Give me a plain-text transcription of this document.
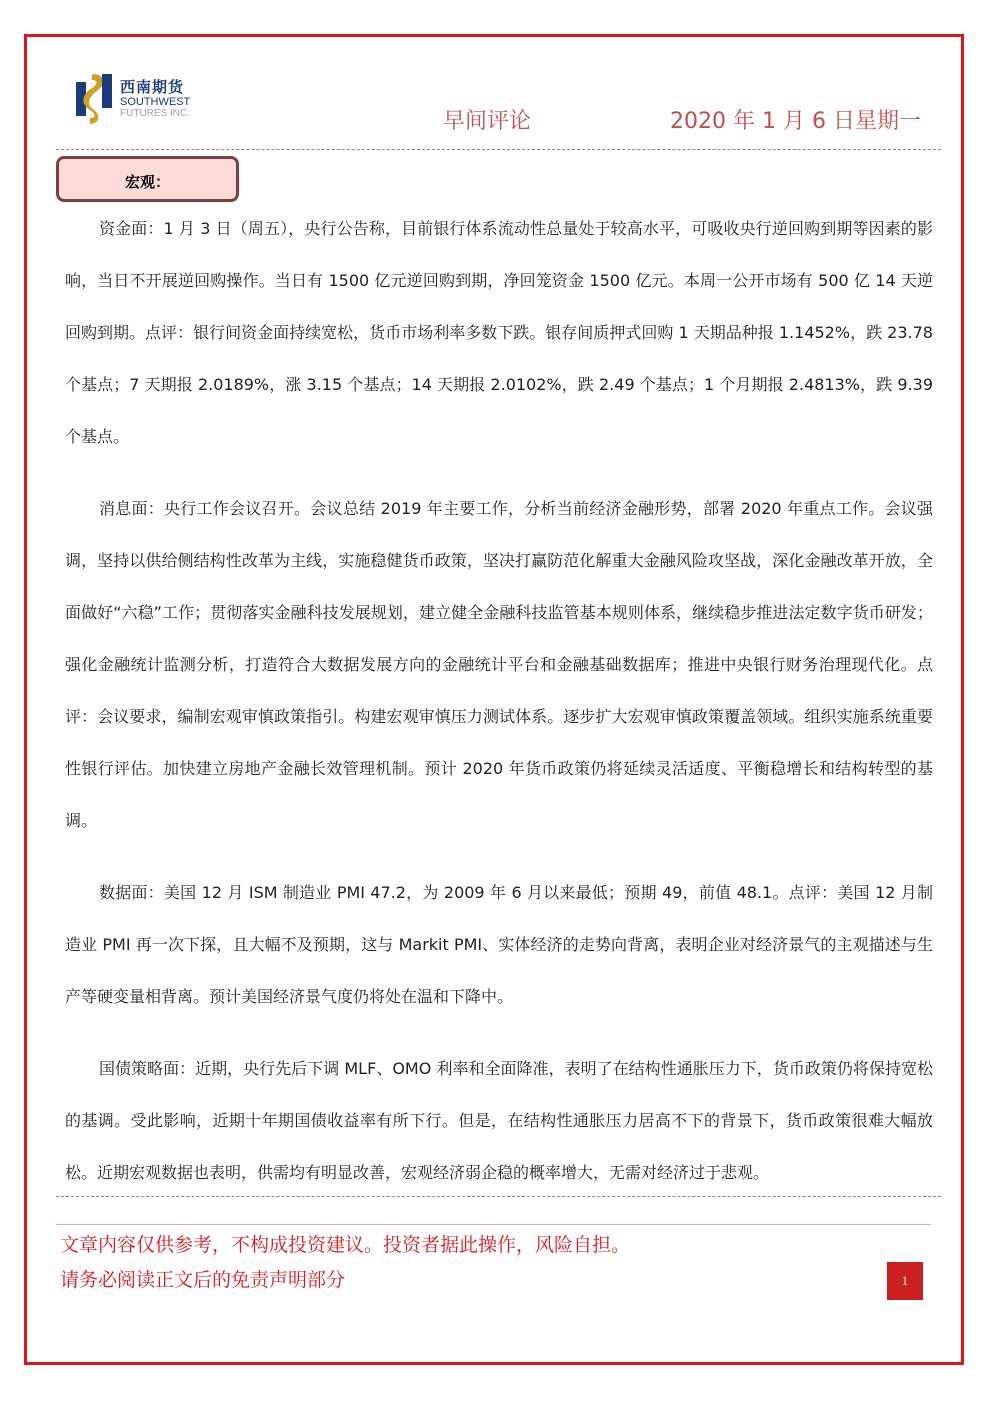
西南期货
SOUTHWEST
FUTURES INC.	早间评论	2020 年 1 月 6 日星期一
宏观：

资金面：1 月 3 日（周五），央行公告称，目前银行体系流动性总量处于较高水平，可吸收央行逆回购到期等因素的影响，当日不开展逆回购操作。当日有 1500 亿元逆回购到期，净回笼资金 1500 亿元。本周一公开市场有 500 亿 14 天逆回购到期。点评：银行间资金面持续宽松，货币市场利率多数下跌。银存间质押式回购 1 天期品种报 1.1452%，跌 23.78 个基点；7 天期报 2.0189%，涨 3.15 个基点；14 天期报 2.0102%，跌 2.49 个基点；1 个月期报 2.4813%，跌 9.39 个基点。

消息面：央行工作会议召开。会议总结 2019 年主要工作，分析当前经济金融形势，部署 2020 年重点工作。会议强调，坚持以供给侧结构性改革为主线，实施稳健货币政策，坚决打赢防范化解重大金融风险攻坚战，深化金融改革开放，全面做好“六稳”工作；贯彻落实金融科技发展规划，建立健全金融科技监管基本规则体系，继续稳步推进法定数字货币研发；强化金融统计监测分析，打造符合大数据发展方向的金融统计平台和金融基础数据库；推进中央银行财务治理现代化。点评：会议要求，编制宏观审慎政策指引。构建宏观审慎压力测试体系。逐步扩大宏观审慎政策覆盖领域。组织实施系统重要性银行评估。加快建立房地产金融长效管理机制。预计 2020 年货币政策仍将延续灵活适度、平衡稳增长和结构转型的基调。

数据面：美国 12 月 ISM 制造业 PMI 47.2，为 2009 年 6 月以来最低；预期 49，前值 48.1。点评：美国 12 月制造业 PMI 再一次下探，且大幅不及预期，这与 Markit PMI、实体经济的走势向背离，表明企业对经济景气的主观描述与生产等硬变量相背离。预计美国经济景气度仍将处在温和下降中。

国债策略面：近期，央行先后下调 MLF、OMO 利率和全面降准，表明了在结构性通胀压力下，货币政策仍将保持宽松的基调。受此影响，近期十年期国债收益率有所下行。但是，在结构性通胀压力居高不下的背景下，货币政策很难大幅放松。近期宏观数据也表明，供需均有明显改善，宏观经济弱企稳的概率增大，无需对经济过于悲观。

文章内容仅供参考，不构成投资建议。投资者据此操作，风险自担。
请务必阅读正文后的免责声明部分	1
